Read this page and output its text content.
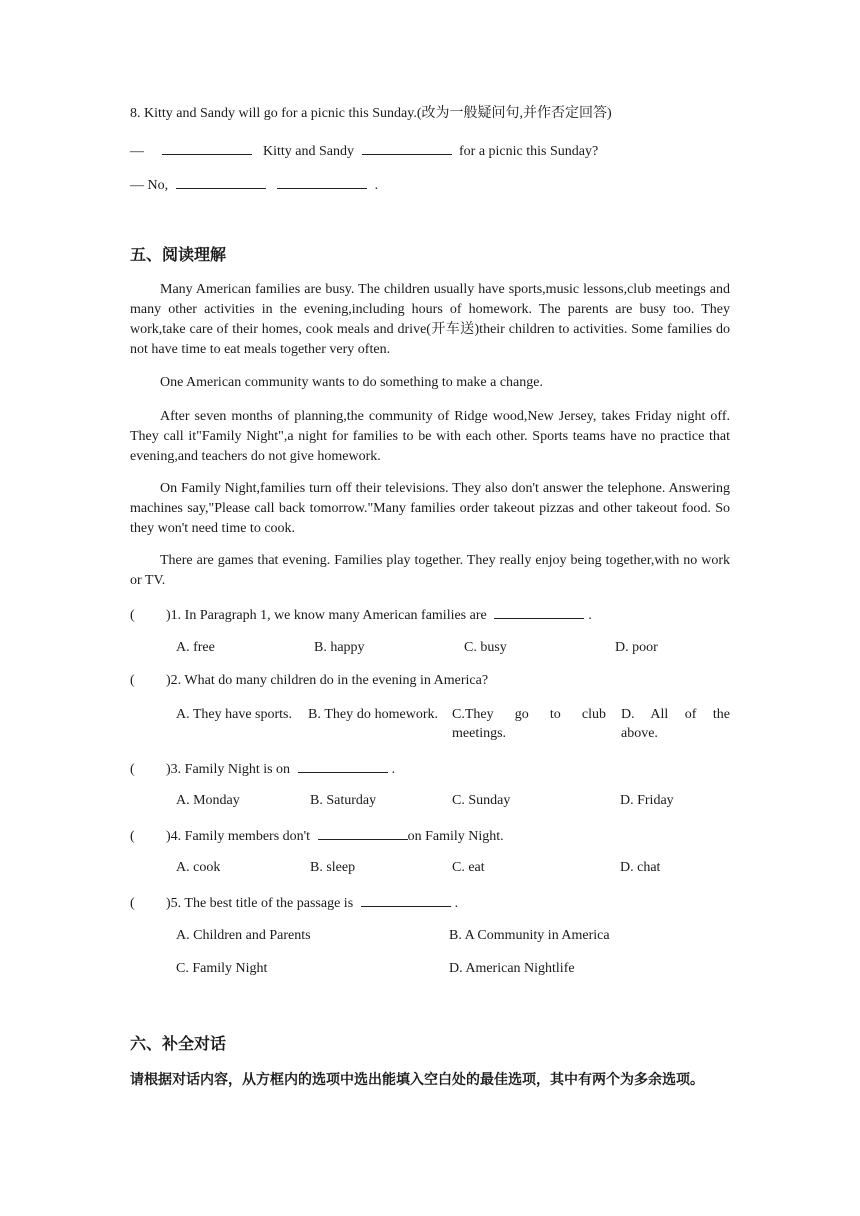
8. Kitty and Sandy will go for a picnic this Sunday.(改为一般疑问句,并作否定回答)
—	Kitty and Sandy	for a picnic this Sunday?
— No,	.
五、阅读理解
Many American families are busy. The children usually have sports,music lessons,club meetings and many other activities in the evening,including hours of homework. The parents are busy too. They work,take care of their homes, cook meals and drive(开车送)their children to activities. Some families do not have time to eat meals together very often.
One American community wants to do something to make a change.
After seven months of planning,the community of Ridge wood,New Jersey, takes Friday night off. They call it"Family Night",a night for families to be with each other. Sports teams have no practice that evening,and teachers do not give homework.
On Family Night,families turn off their televisions. They also don't answer the telephone. Answering machines say,"Please call back tomorrow."Many families order takeout pizzas and other takeout food. So they won't need time to cook.
There are games that evening. Families play together. They really enjoy being together,with no work or TV.
( )1. In Paragraph 1, we know many American families are	.
A. free	B. happy	C. busy	D. poor
( )2. What do many children do in the evening in America?
A. They have sports. B. They do homework. C.They go to club meetings.
D. All of the above.
( )3. Family Night is on	.
A. Monday	B. Saturday	C. Sunday	D. Friday
( )4. Family members don't	on Family Night.
A. cook	B. sleep	C. eat	D. chat
( )5. The best title of the passage is	.
A. Children and Parents	B. A Community in America
C. Family Night	D. American Nightlife
六、补全对话
请根据对话内容，从方框内的选项中选出能填入空白处的最佳选项，其中有两个为多余选项。
